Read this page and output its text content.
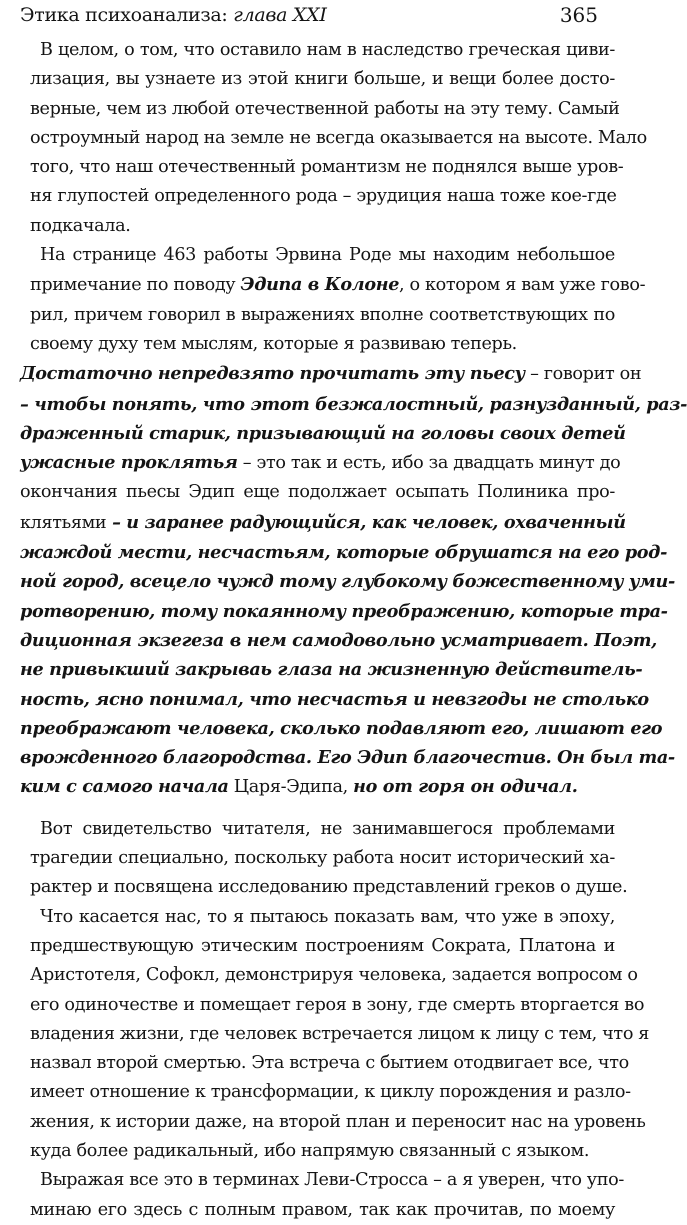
Этика психоанализа: глава XXI	365

В целом, о том, что оставило нам в наследство греческая циви-
лизация, вы узнаете из этой книги больше, и вещи более досто-
верные, чем из любой отечественной работы на эту тему. Самый
остроумный народ на земле не всегда оказывается на высоте. Мало
того, что наш отечественный романтизм не поднялся выше уров-
ня глупостей определенного рода – эрудиция наша тоже кое-где
подкачала.

На странице 463 работы Эрвина Роде мы находим небольшое
примечание по поводу Эдипа в Колоне, о котором я вам уже гово-
рил, причем говорил в выражениях вполне соответствующих по
своему духу тем мыслям, которые я развиваю теперь.

Достаточно непредвзято прочитать эту пьесу – говорит он
– чтобы понять, что этот безжалостный, разнузданный, раз-
драженный старик, призывающий на головы своих детей
ужасные проклятья – это так и есть, ибо за двадцать минут до
окончания пьесы Эдип еще подолжает осыпать Полиника про-
клятьями – и заранее радующийся, как человек, охваченный
жаждой мести, несчастьям, которые обрушатся на его род-
ной город, всецело чужд тому глубокому божественному уми-
ротворению, тому покаянному преображению, которые тра-
диционная экзегеза в нем самодовольно усматривает. Поэт,
не привыкший закрываь глаза на жизненную действитель-
ность, ясно понимал, что несчастья и невзгоды не столько
преображают человека, сколько подавляют его, лишают его
врожденного благородства. Его Эдип благочестив. Он был та-
ким с самого начала Царя-Эдипа, но от горя он одичал.

Вот свидетельство читателя, не занимавшегося проблемами
трагедии специально, поскольку работа носит исторический ха-
рактер и посвящена исследованию представлений греков о душе.

Что касается нас, то я пытаюсь показать вам, что уже в эпоху,
предшествующую этическим построениям Сократа, Платона и
Аристотеля, Софокл, демонстрируя человека, задается вопросом о
его одиночестве и помещает героя в зону, где смерть вторгается во
владения жизни, где человек встречается лицом к лицу с тем, что я
назвал второй смертью. Эта встреча с бытием отодвигает все, что
имеет отношение к трансформации, к циклу порождения и разло-
жения, к истории даже, на второй план и переносит нас на уровень
куда более радикальный, ибо напрямую связанный с языком.

Выражая все это в терминах Леви-Стросса – а я уверен, что упо-
минаю его здесь с полным правом, так как прочитав, по моему
